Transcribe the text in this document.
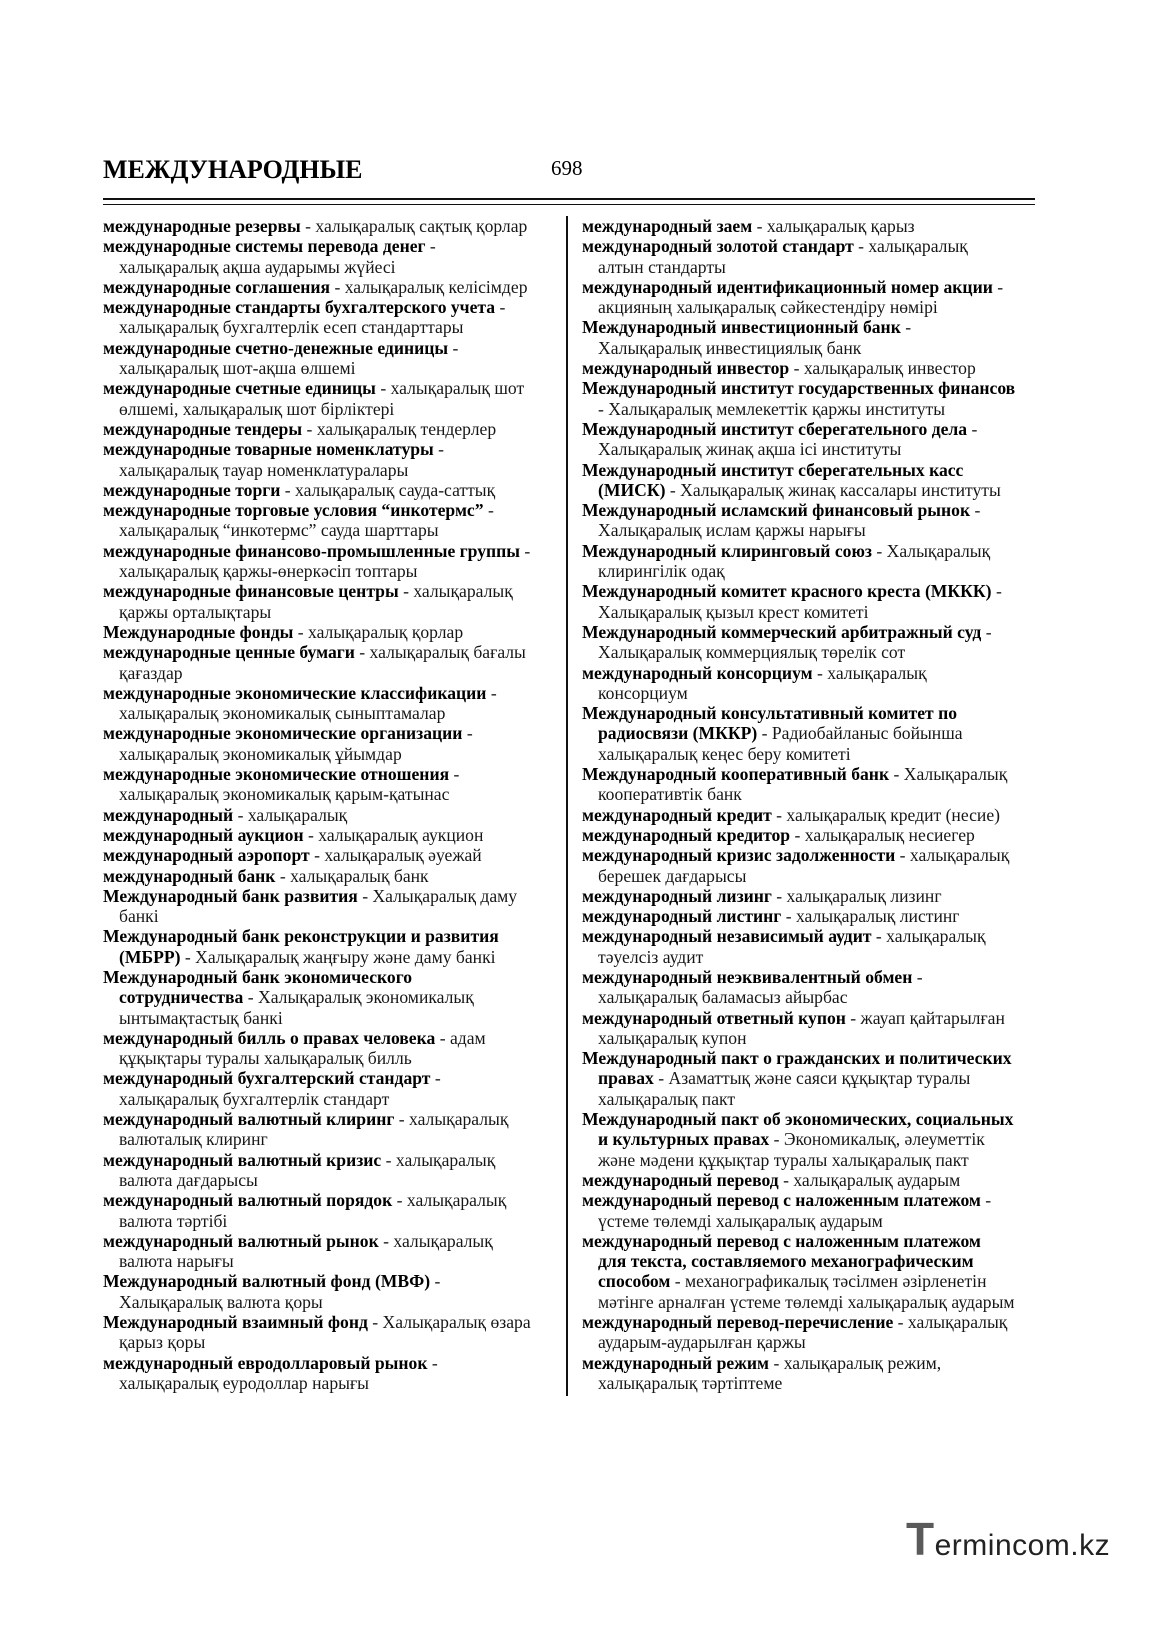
МЕЖДУНАРОДНЫЕ	698
международные резервы - халықаралық сақтық қорлар
международные системы перевода денег -
халықаралық ақша аударымы жүйесі
международные соглашения - халықаралық келісімдер
международные стандарты бухгалтерского учета -
халықаралық бухгалтерлік есеп стандарттары
международные счетно-денежные единицы -
халықаралық шот-ақша өлшемі
международные счетные единицы - халықаралық шот
өлшемі, халықаралық шот бірліктері
международные тендеры - халықаралық тендерлер
международные товарные номенклатуры -
халықаралық тауар номенклатуралары
международные торги - халықаралық сауда-саттық
международные торговые условия “инкотермс” -
халықаралық “инкотермс” сауда шарттары
международные финансово-промышленные группы -
халықаралық қаржы-өнеркәсіп топтары
международные финансовые центры - халықаралық
қаржы орталықтары
Международные фонды - халықаралық қорлар
международные ценные бумаги - халықаралық бағалы
қағаздар
международные экономические классификации -
халықаралық экономикалық сыныптамалар
международные экономические организации -
халықаралық экономикалық ұйымдар
международные экономические отношения -
халықаралық экономикалық қарым-қатынас
международный - халықаралық
международный аукцион - халықаралық аукцион
международный аэропорт - халықаралық әуежай
международный банк - халықаралық банк
Международный банк развития - Халықаралық даму
банкі
Международный банк реконструкции и развития
(МБРР) - Халықаралық жаңғыру және даму банкі
Международный банк экономического
сотрудничества - Халықаралық экономикалық
ынтымақтастық банкі
международный билль о правах человека - адам
құқықтары туралы халықаралық билль
международный бухгалтерский стандарт -
халықаралық бухгалтерлік стандарт
международный валютный клиринг - халықаралық
валюталық клиринг
международный валютный кризис - халықаралық
валюта дағдарысы
международный валютный порядок - халықаралық
валюта тәртібі
международный валютный рынок - халықаралық
валюта нарығы
Международный валютный фонд (МВФ) -
Халықаралық валюта қоры
Международный взаимный фонд - Халықаралық өзара
қарыз қоры
международный евродолларовый рынок -
халықаралық еуродоллар нарығы
международный заем - халықаралық қарыз
международный золотой стандарт - халықаралық
алтын стандарты
международный идентификационный номер акции -
акцияның халықаралық сәйкестендіру нөмірі
Международный инвестиционный банк -
Халықаралық инвестициялық банк
международный инвестор - халықаралық инвестор
Международный институт государственных финансов
- Халықаралық мемлекеттік қаржы институты
Международный институт сберегательного дела -
Халықаралық жинақ ақша ісі институты
Международный институт сберегательных касс
(МИСК) - Халықаралық жинақ кассалары институты
Международный исламский финансовый рынок -
Халықаралық ислам қаржы нарығы
Международный клиринговый союз - Халықаралық
клирингілік одақ
Международный комитет красного креста (МККК) -
Халықаралық қызыл крест комитеті
Международный коммерческий арбитражный суд -
Халықаралық коммерциялық төрелік сот
международный консорциум - халықаралық
консорциум
Международный консультативный комитет по
радиосвязи (МККР) - Радиобайланыс бойынша
халықаралық кеңес беру комитеті
Международный кооперативный банк - Халықаралық
кооперативтік банк
международный кредит - халықаралық кредит (несие)
международный кредитор - халықаралық несиегер
международный кризис задолженности - халықаралық
берешек дағдарысы
международный лизинг - халықаралық лизинг
международный листинг - халықаралық листинг
международный независимый аудит - халықаралық
тәуелсіз аудит
международный неэквивалентный обмен -
халықаралық баламасыз айырбас
международный ответный купон - жауап қайтарылған
халықаралық купон
Международный пакт о гражданских и политических
правах - Азаматтық және саяси құқықтар туралы
халықаралық пакт
Международный пакт об экономических, социальных
и культурных правах - Экономикалық, әлеуметтік
және мәдени құқықтар туралы халықаралық пакт
международный перевод - халықаралық аударым
международный перевод с наложенным платежом -
үстеме төлемді халықаралық аударым
международный перевод с наложенным платежом
для текста, составляемого механографическим
способом - механографикалық тәсілмен әзірленетін
мәтінге арналған үстеме төлемді халықаралық аударым
международный перевод-перечисление - халықаралық
аударым-аударылған қаржы
международный режим - халықаралық режим,
халықаралық тәртіптеме
Termincom.kz
